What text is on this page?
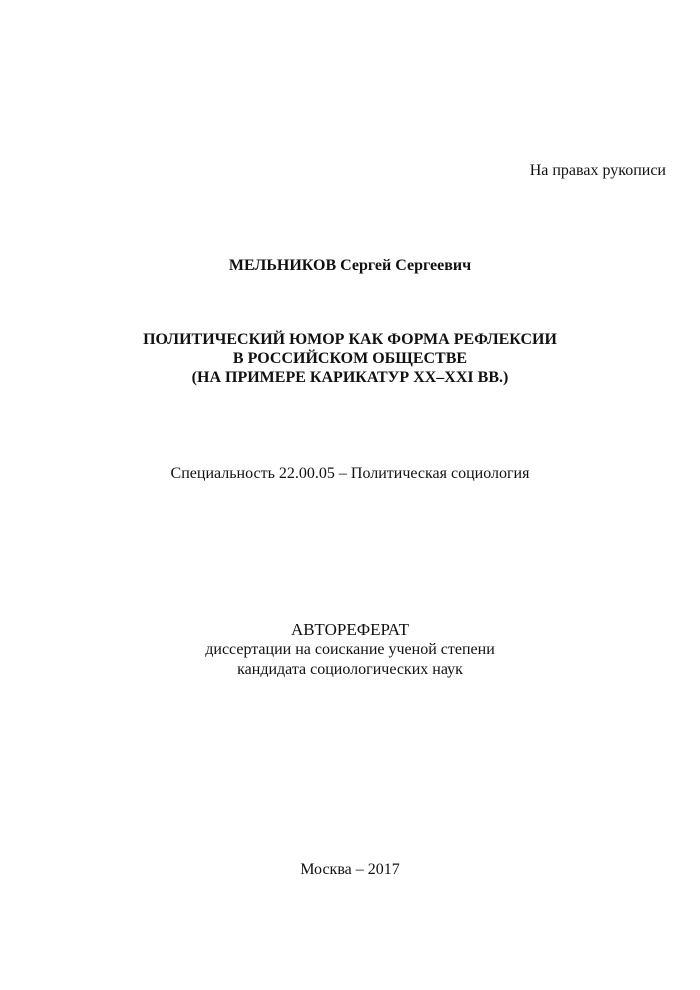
На правах рукописи
МЕЛЬНИКОВ Сергей Сергеевич
ПОЛИТИЧЕСКИЙ ЮМОР КАК ФОРМА РЕФЛЕКСИИ
В РОССИЙСКОМ ОБЩЕСТВЕ
(НА ПРИМЕРЕ КАРИКАТУР XX–XXI ВВ.)
Специальность 22.00.05 – Политическая социология
АВТОРЕФЕРАТ
диссертации на соискание ученой степени
кандидата социологических наук
Москва – 2017
